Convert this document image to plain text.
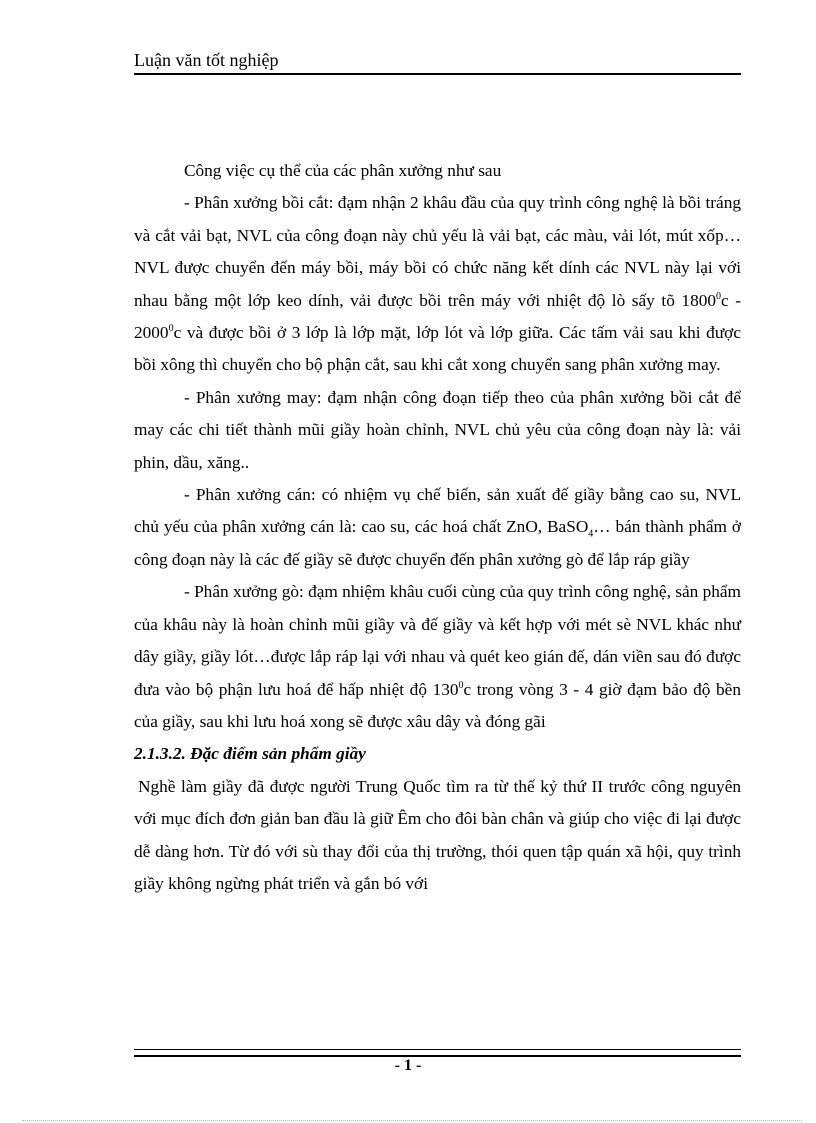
Luận văn tốt nghiệp

Công việc cụ thể của các phân xưởng như sau

- Phân xưởng bồi cắt: đạm nhận 2 khâu đầu của quy trình công nghệ là bồi tráng và cắt vải bạt, NVL của công đoạn này chủ yếu là vải bạt, các màu, vải lót, mút xốp…NVL được chuyển đến máy bồi, máy bồi có chức năng kết dính các NVL này lại với nhau bằng một lớp keo dính, vải được bồi trên máy với nhiệt độ lò sấy tõ 1800$^0$c - 2000$^0$c và được bồi ở 3 lớp là lớp mặt, lớp lót và lớp giữa. Các tấm vải sau khi được bồi xông thì chuyển cho bộ phận cắt, sau khi cắt xong chuyển sang phân xưởng may.

- Phân xưởng may: đạm nhận công đoạn tiếp theo của phân xưởng bồi cắt để may các chi tiết thành mũi giầy hoàn chỉnh, NVL chủ yêu của công đoạn này là: vải phin, dầu, xăng..

- Phân xưởng cán: có nhiệm vụ chế biến, sản xuất đế giầy bằng cao su, NVL chủ yếu của phân xưởng cán là: cao su, các hoá chất ZnO, BaSO$_4$… bán thành phẩm ở công đoạn này là các đế giầy sẽ được chuyển đến phân xưởng gò để lắp ráp giầy

- Phân xưởng gò: đạm nhiệm khâu cuối cùng của quy trình công nghệ, sản phẩm của khâu này là hoàn chỉnh mũi giầy và đế giầy và kết hợp với mét sè NVL khác như dây giầy, giầy lót…được lắp ráp lại với nhau và quét keo gián đế, dán viền sau đó được đưa vào bộ phận lưu hoá để hấp nhiệt độ $130^0c$ trong vòng 3 - 4 giờ đạm bảo độ bền của giầy, sau khi lưu hoá xong sẽ được xâu dây và đóng gãi

2.1.3.2. Đặc điểm sản phẩm giầy

Nghề làm giầy đã được người Trung Quốc tìm ra từ thế kỷ thứ II trước công nguyên với mục đích đơn giản ban đầu là giữ Êm cho đôi bàn chân và giúp cho việc đi lại được dễ dàng hơn. Từ đó với sù thay đổi của thị trường, thói quen tập quán xã hội, quy trình giầy không ngừng phát triển và gắn bó với

- 1 -
